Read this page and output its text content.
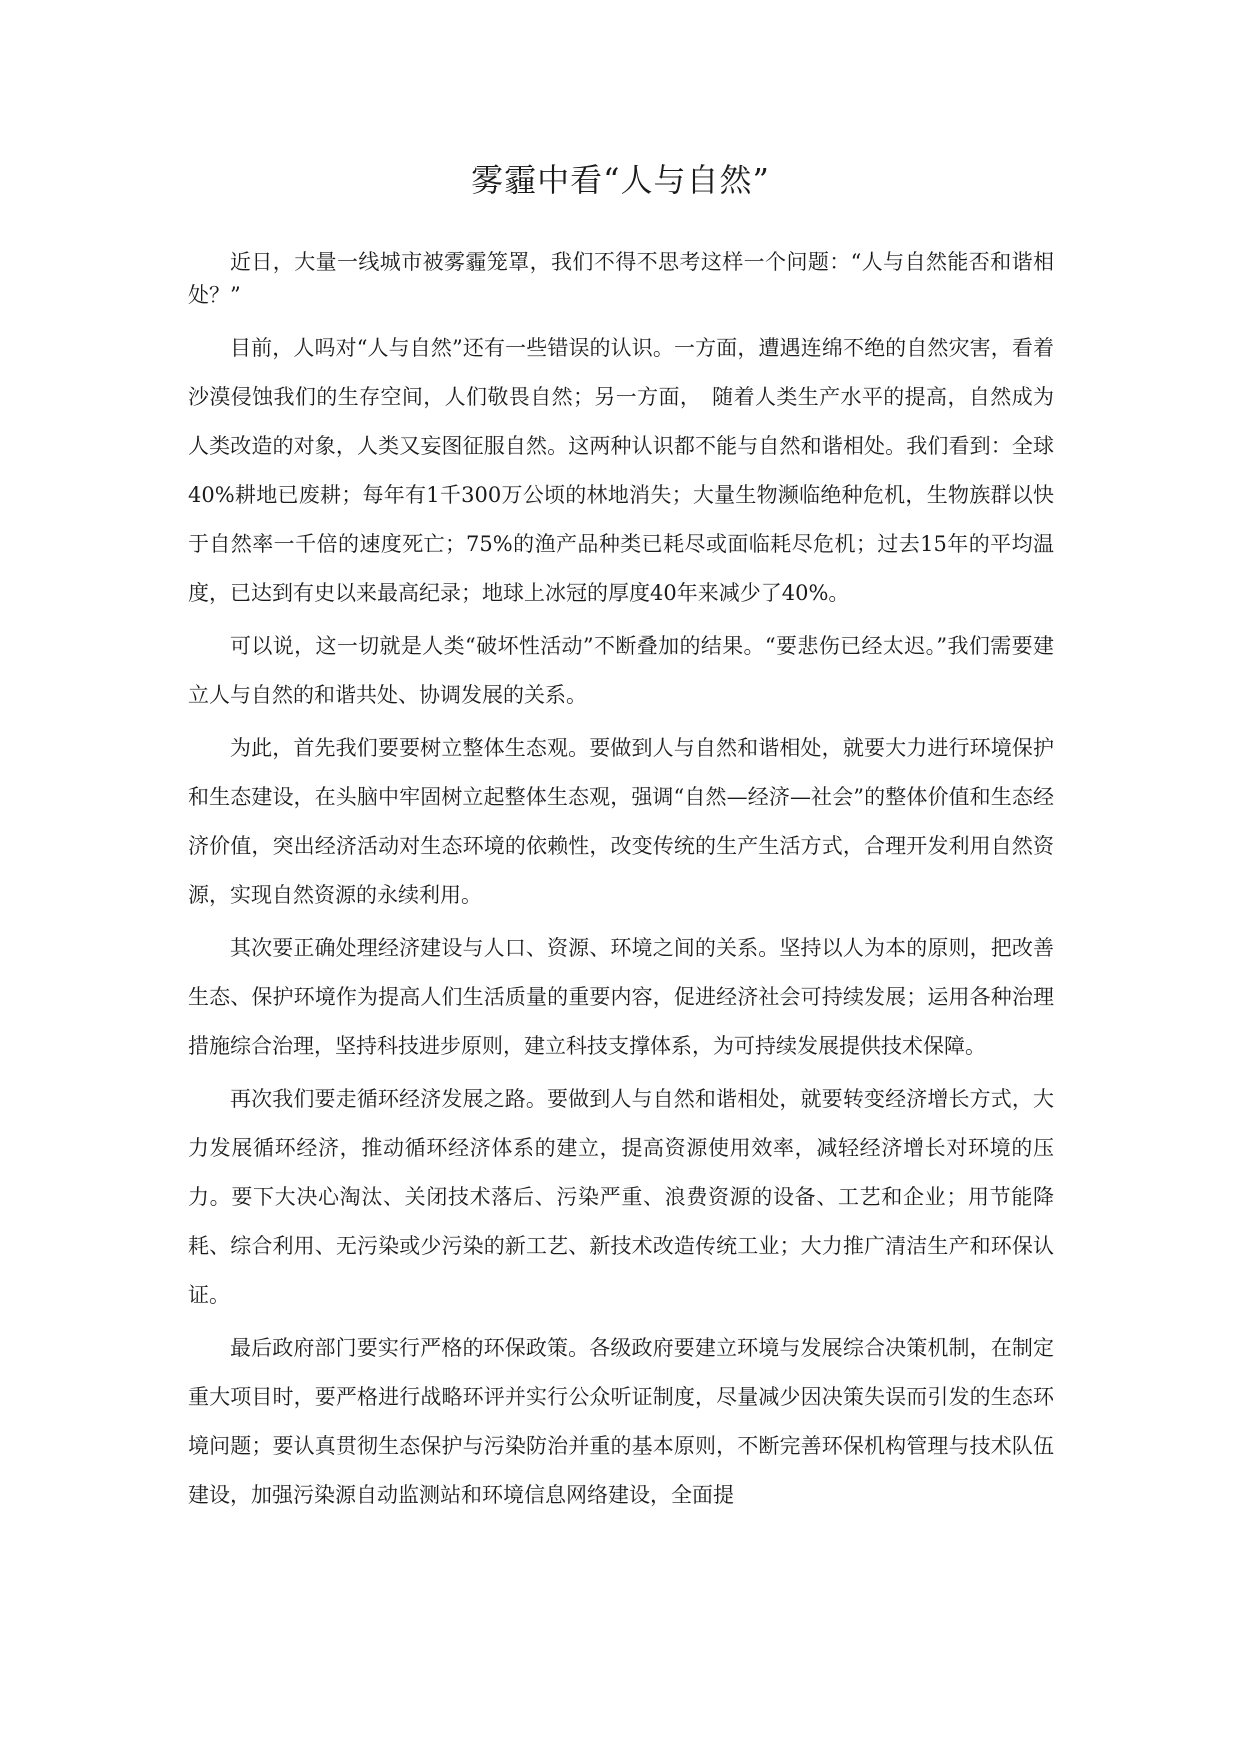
雾霾中看“人与自然”

近日，大量一线城市被雾霾笼罩，我们不得不思考这样一个问题：“人与自然能否和谐相处？”

目前，人吗对“人与自然”还有一些错误的认识。一方面，遭遇连绵不绝的自然灾害，看着沙漠侵蚀我们的生存空间，人们敬畏自然；另一方面，　随着人类生产水平的提高，自然成为人类改造的对象，人类又妄图征服自然。这两种认识都不能与自然和谐相处。我们看到：全球40%耕地已废耕；每年有1千300万公顷的林地消失；大量生物濒临绝种危机，生物族群以快于自然率一千倍的速度死亡；75%的渔产品种类已耗尽或面临耗尽危机；过去15年的平均温度，已达到有史以来最高纪录；地球上冰冠的厚度40年来减少了40%。

可以说，这一切就是人类“破坏性活动”不断叠加的结果。“要悲伤已经太迟。”我们需要建立人与自然的和谐共处、协调发展的关系。

为此，首先我们要要树立整体生态观。要做到人与自然和谐相处，就要大力进行环境保护和生态建设，在头脑中牢固树立起整体生态观，强调“自然—经济—社会”的整体价值和生态经济价值，突出经济活动对生态环境的依赖性，改变传统的生产生活方式，合理开发利用自然资源，实现自然资源的永续利用。

其次要正确处理经济建设与人口、资源、环境之间的关系。坚持以人为本的原则，把改善生态、保护环境作为提高人们生活质量的重要内容，促进经济社会可持续发展；运用各种治理措施综合治理，坚持科技进步原则，建立科技支撑体系，为可持续发展提供技术保障。

再次我们要走循环经济发展之路。要做到人与自然和谐相处，就要转变经济增长方式，大力发展循环经济，推动循环经济体系的建立，提高资源使用效率，减轻经济增长对环境的压力。要下大决心淘汰、关闭技术落后、污染严重、浪费资源的设备、工艺和企业；用节能降耗、综合利用、无污染或少污染的新工艺、新技术改造传统工业；大力推广清洁生产和环保认证。

最后政府部门要实行严格的环保政策。各级政府要建立环境与发展综合决策机制，在制定重大项目时，要严格进行战略环评并实行公众听证制度，尽量减少因决策失误而引发的生态环境问题；要认真贯彻生态保护与污染防治并重的基本原则，不断完善环保机构管理与技术队伍建设，加强污染源自动监测站和环境信息网络建设，全面提
